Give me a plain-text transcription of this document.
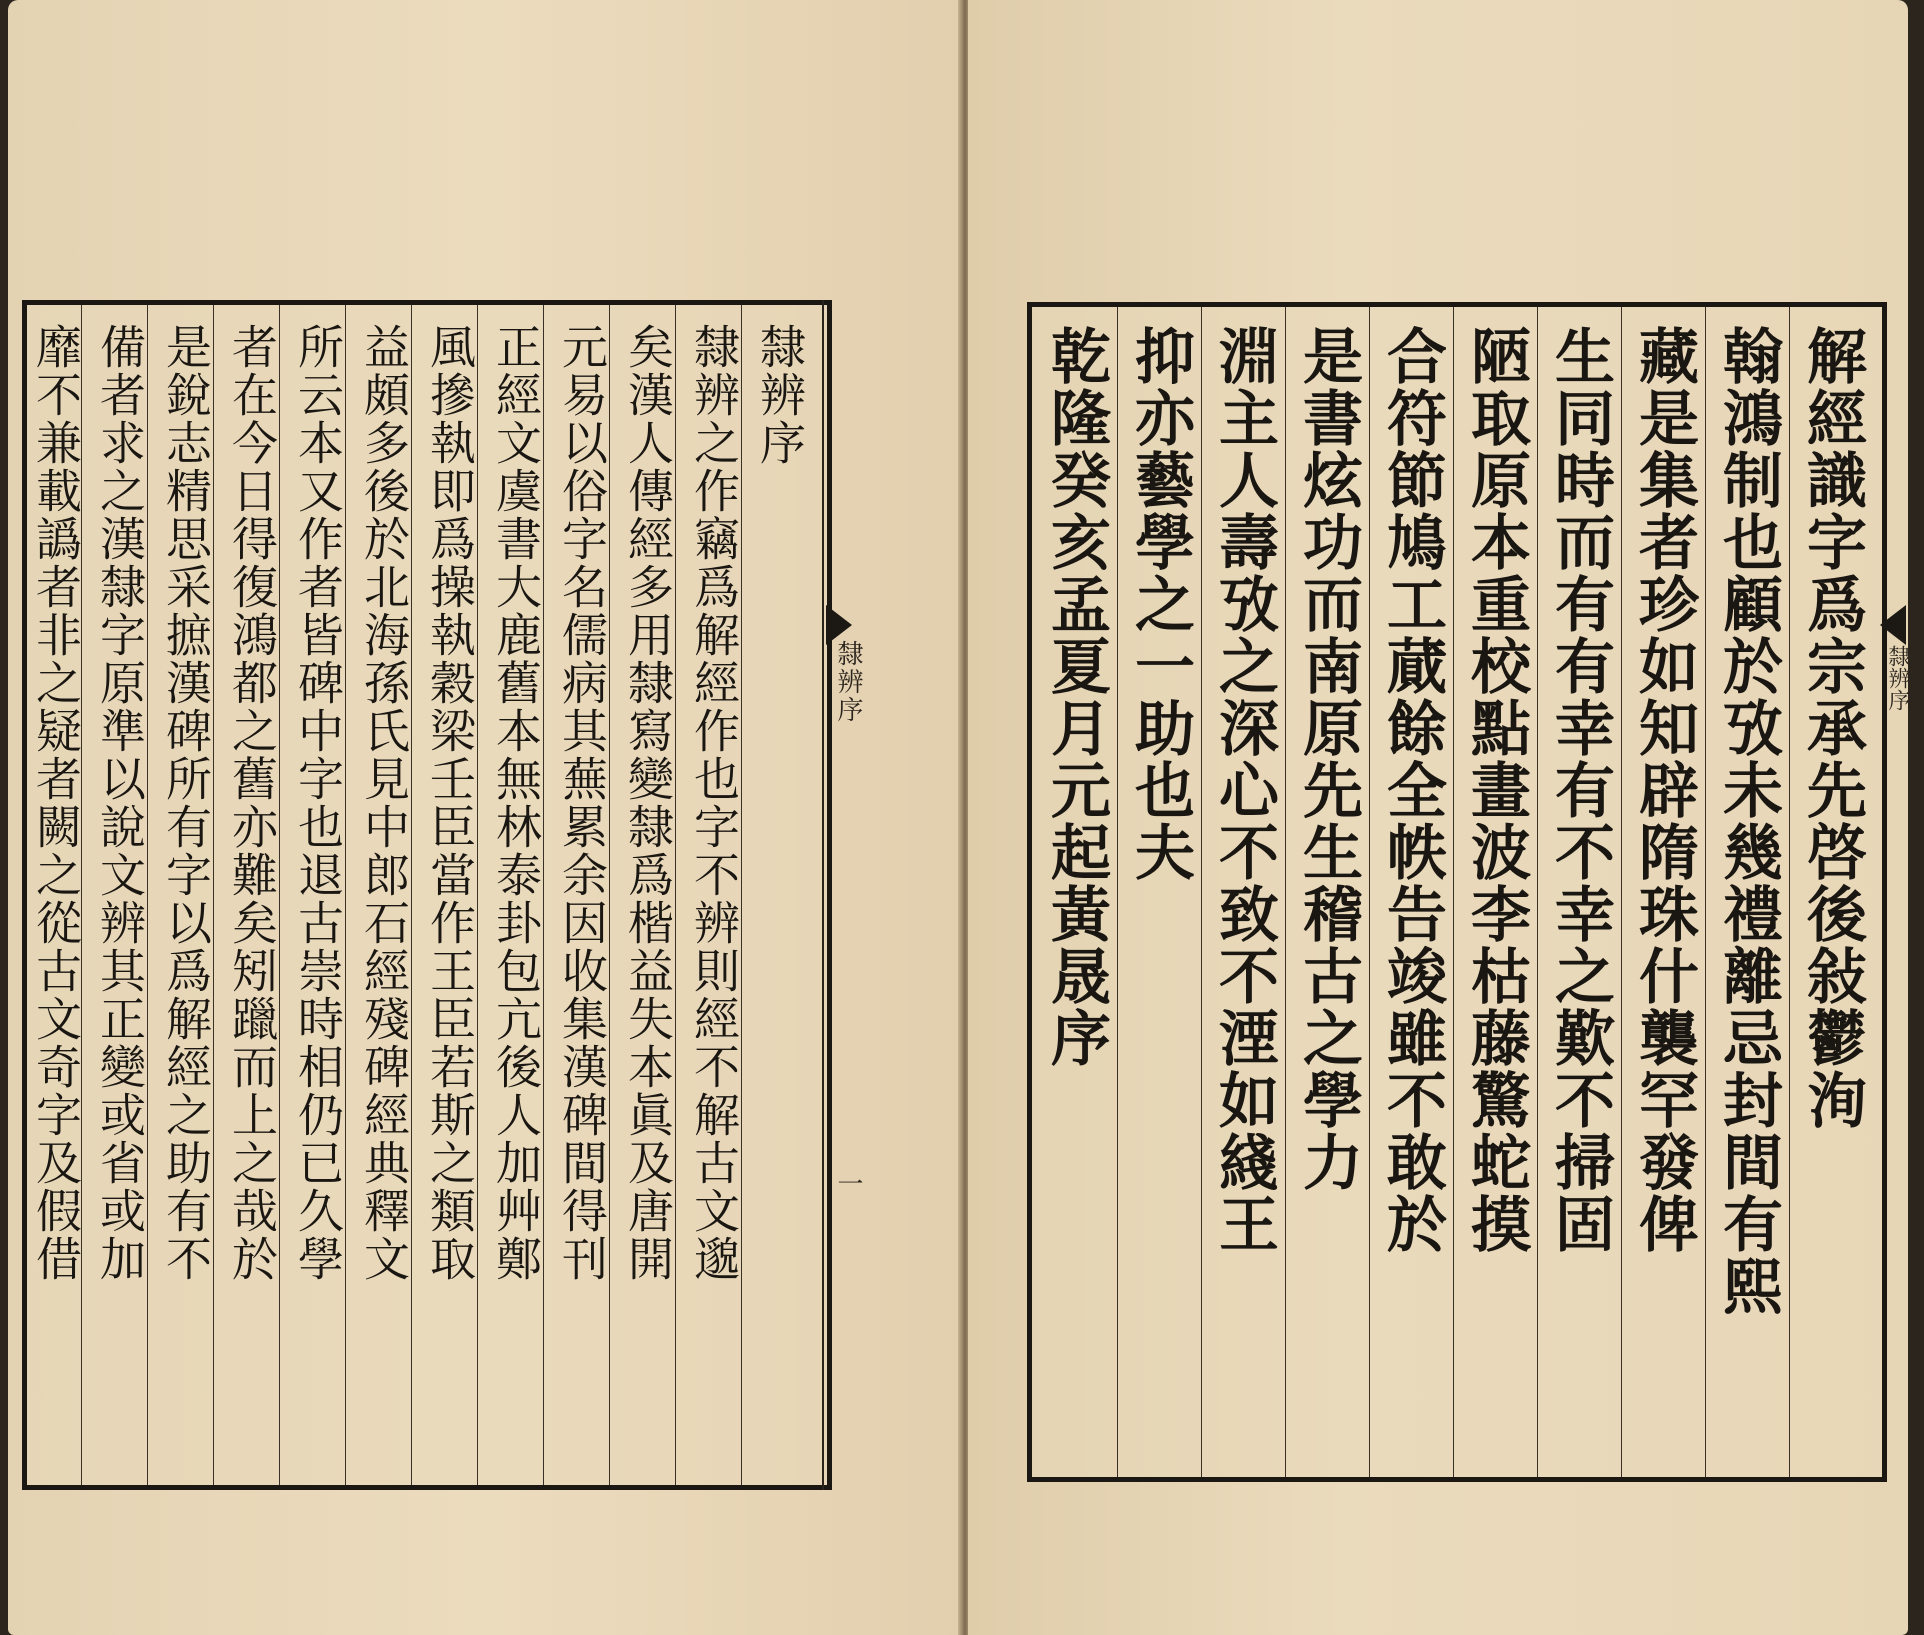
隸辨序
隸辨之作竊爲解經作也字不辨則經不解古文邈
矣漢人傳經多用隸寫變隸爲楷益失本眞及唐開
元易以俗字名儒病其蕪累余因收集漢碑間得刊
正經文虞書大鹿舊本無林泰卦包亢後人加艸鄭
風摻執即爲操執穀梁壬臣當作王臣若斯之類取
益頗多後於北海孫氏見中郎石經殘碑經典釋文
所云本又作者皆碑中字也退古崇時相仍已久學
者在今日得復鴻都之舊亦難矣矧躐而上之哉於
是銳志精思采摭漢碑所有字以爲解經之助有不
備者求之漢隸字原準以說文辨其正變或省或加
靡不兼載譌者非之疑者闕之從古文奇字及假借	隸辨序
一
解經識字爲宗承先啓後敍鬱洵
翰鴻制也顧於攷未幾禮離忌封間有熙
藏是集者珍如知辟隋珠什襲罕發俾
生同時而有有幸有不幸之歎不掃固
陋取原本重校點畫波李枯藤驚蛇摸
合符節鳩工蕆餘全帙告竣雖不敢於
是書炫功而南原先生稽古之學力
淵主人壽攷之深心不致不湮如綫王
抑亦藝學之一助也夫
乾隆癸亥孟夏月元起黃晟序	隸辨序
